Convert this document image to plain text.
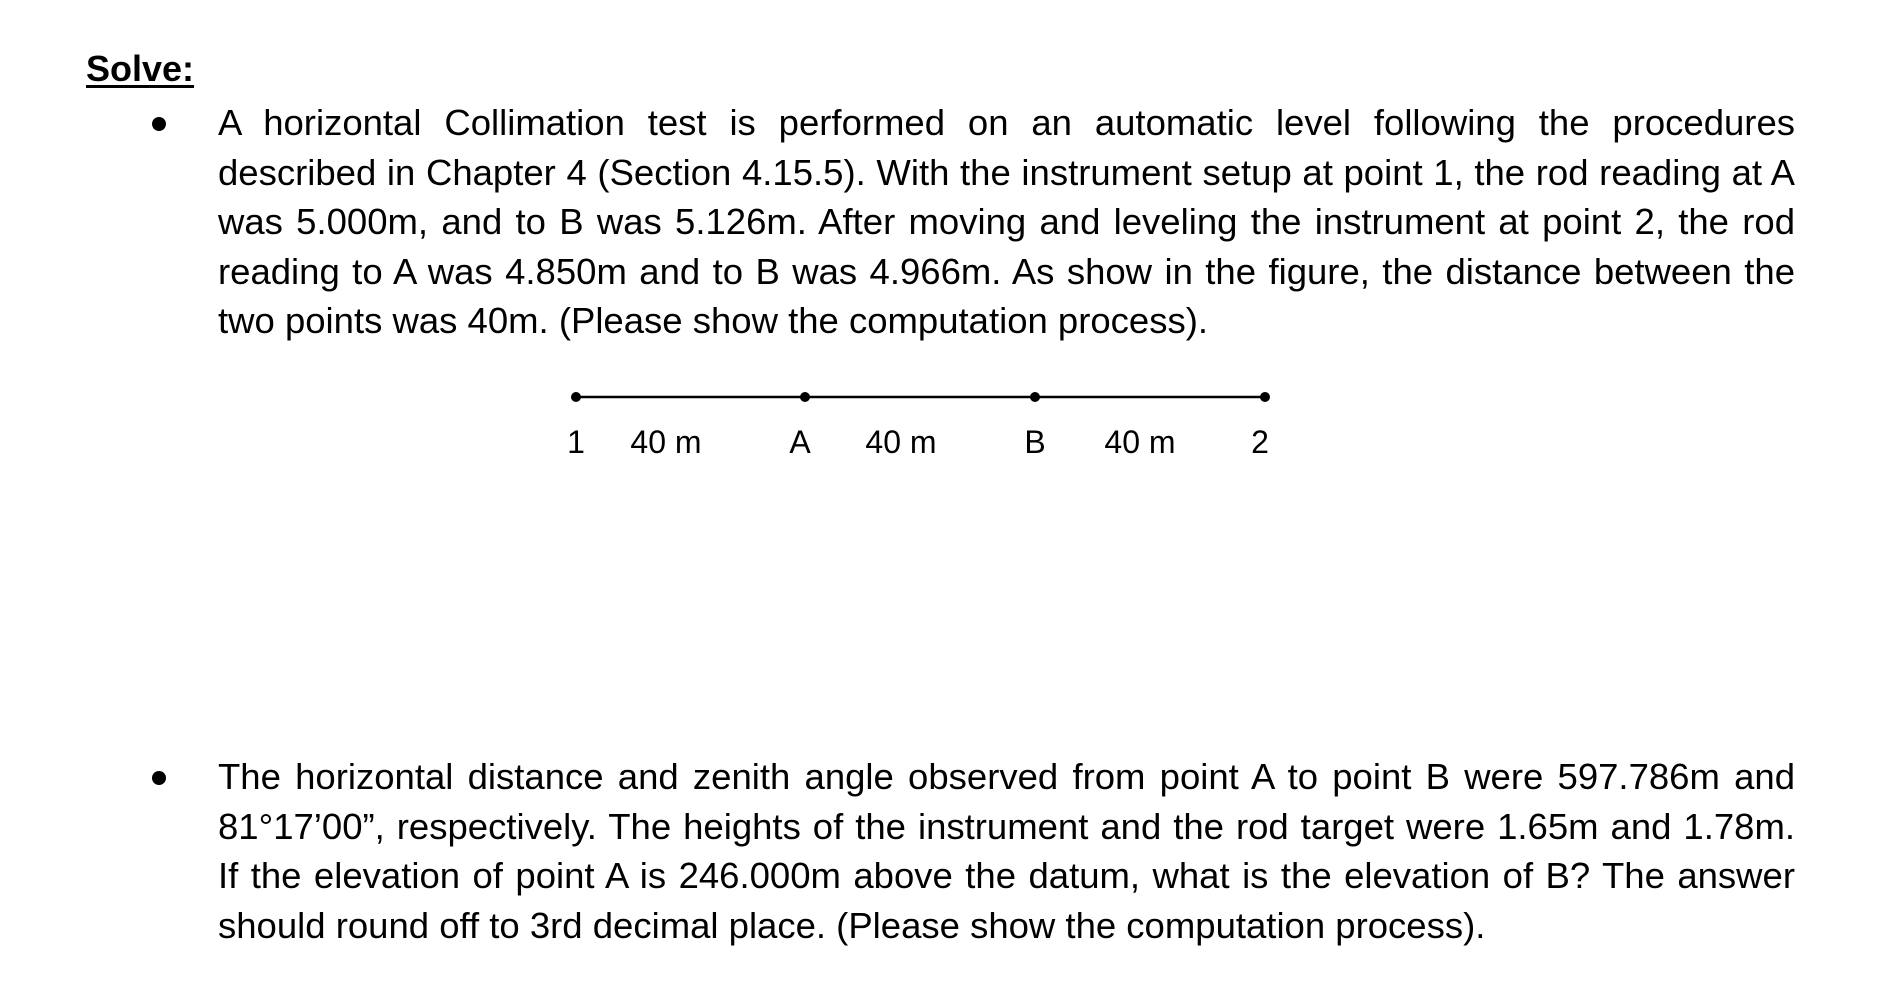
Solve:

A horizontal Collimation test is performed on an automatic level following the procedures described in Chapter 4 (Section 4.15.5). With the instrument setup at point 1, the rod reading at A was 5.000m, and to B was 5.126m. After moving and leveling the instrument at point 2, the rod reading to A was 4.850m and to B was 4.966m. As show in the figure, the distance between the two points was 40m. (Please show the computation process).

1 40 m	A 40 m	B 40 m 2

The horizontal distance and zenith angle observed from point A to point B were 597.786m and 81°17’00”, respectively. The heights of the instrument and the rod target were 1.65m and 1.78m. If the elevation of point A is 246.000m above the datum, what is the elevation of B? The answer should round off to 3rd decimal place. (Please show the computation process).
